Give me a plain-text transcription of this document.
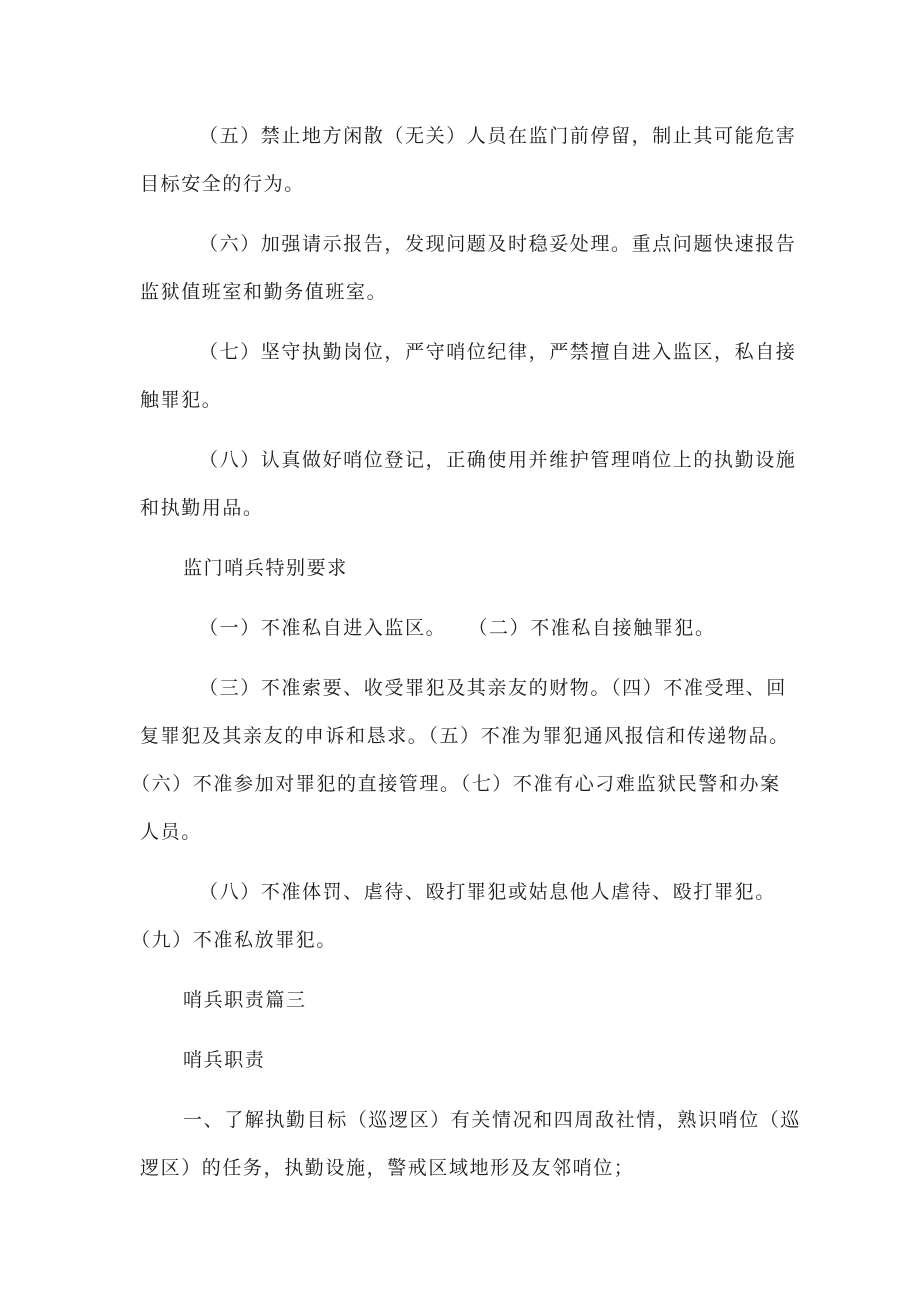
（五）禁止地方闲散（无关）人员在监门前停留，制止其可能危害
目标安全的行为。
（六）加强请示报告，发现问题及时稳妥处理。重点问题快速报告
监狱值班室和勤务值班室。
（七）坚守执勤岗位，严守哨位纪律，严禁擅自进入监区，私自接
触罪犯。
（八）认真做好哨位登记，正确使用并维护管理哨位上的执勤设施
和执勤用品。
监门哨兵特别要求
（一）不准私自进入监区。　　（二）不准私自接触罪犯。
（三）不准索要、收受罪犯及其亲友的财物。（四）不准受理、回
复罪犯及其亲友的申诉和恳求。（五）不准为罪犯通风报信和传递物品。
（六）不准参加对罪犯的直接管理。（七）不准有心刁难监狱民警和办案
人员。
（八）不准体罚、虐待、殴打罪犯或姑息他人虐待、殴打罪犯。
（九）不准私放罪犯。
哨兵职责篇三
哨兵职责
一、了解执勤目标（巡逻区）有关情况和四周敌社情，熟识哨位（巡
逻区）的任务，执勤设施，警戒区域地形及友邻哨位；
